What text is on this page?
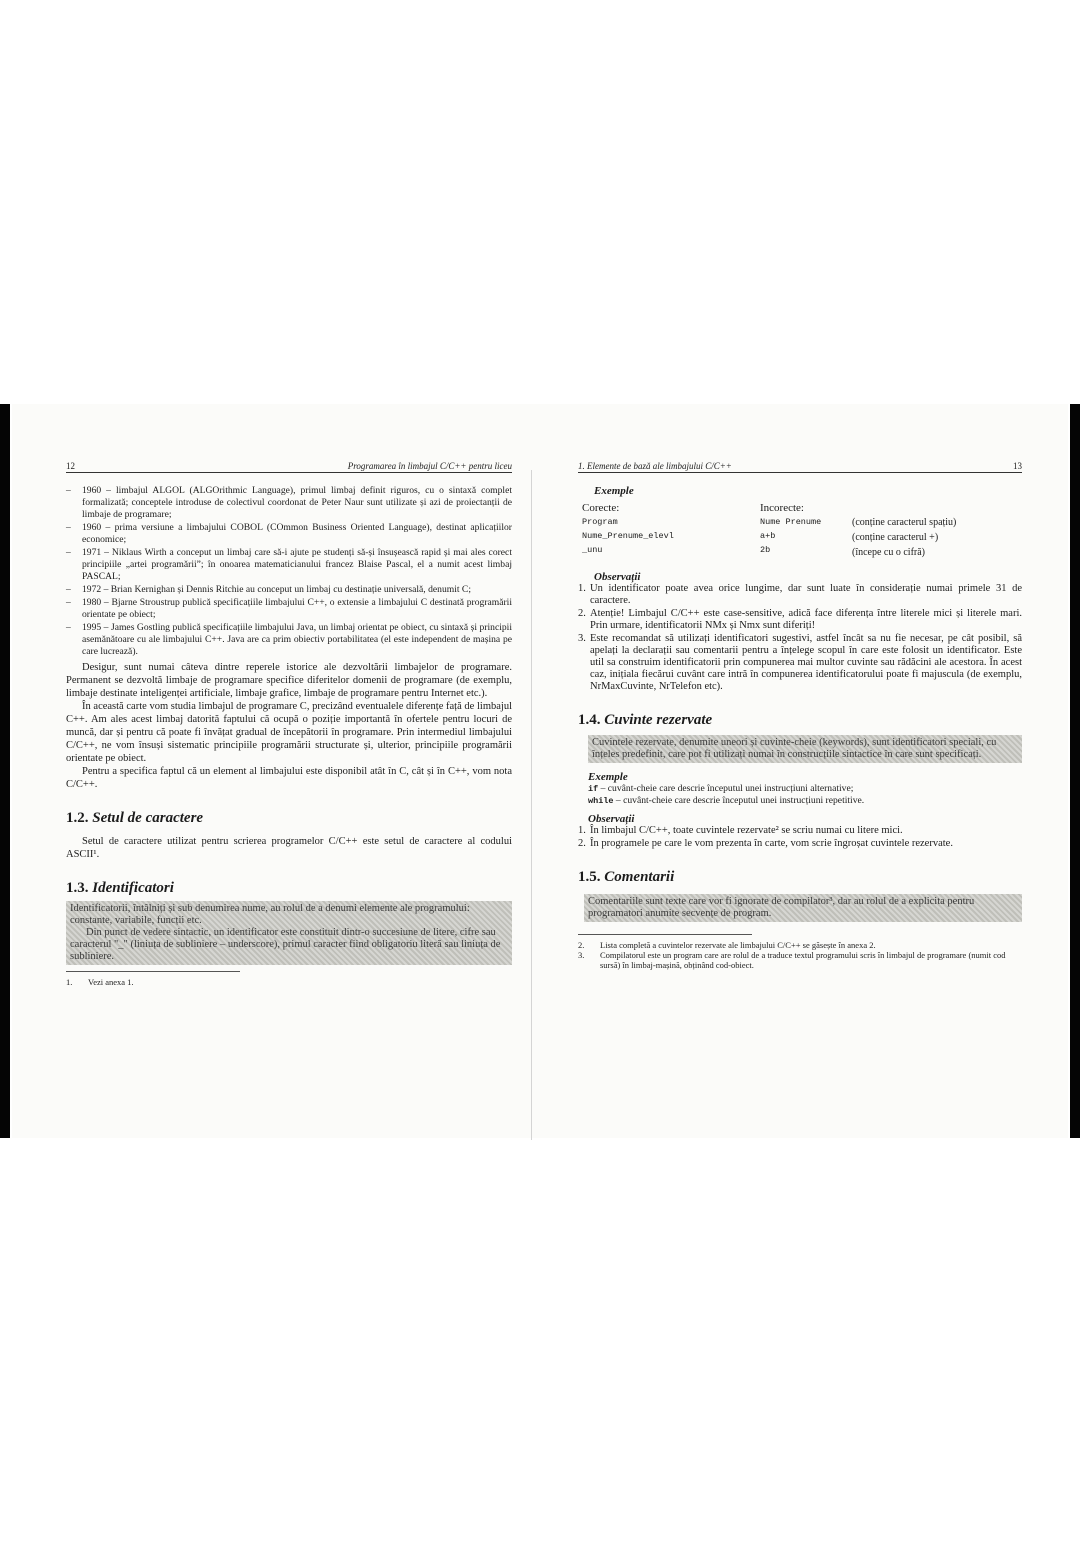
12	Programarea în limbajul C/C++ pentru liceu
– 1960 – limbajul ALGOL (ALGOrithmic Language), primul limbaj definit riguros, cu o sintaxă complet formalizată; conceptele introduse de colectivul coordonat de Peter Naur sunt utilizate și azi de proiectanții de limbaje de programare;
– 1960 – prima versiune a limbajului COBOL (COmmon Business Oriented Language), destinat aplicațiilor economice;
– 1971 – Niklaus Wirth a conceput un limbaj care să-i ajute pe studenți să-și însușească rapid și mai ales corect principiile „artei programării”; în onoarea matematicianului francez Blaise Pascal, el a numit acest limbaj PASCAL;
– 1972 – Brian Kernighan și Dennis Ritchie au conceput un limbaj cu destinație universală, denumit C;
– 1980 – Bjarne Stroustrup publică specificațiile limbajului C++, o extensie a limbajului C destinată programării orientate pe obiect;
– 1995 – James Gostling publică specificațiile limbajului Java, un limbaj orientat pe obiect, cu sintaxă și principii asemănătoare cu ale limbajului C++. Java are ca prim obiectiv portabilitatea (el este independent de mașina pe care lucrează).

Desigur, sunt numai câteva dintre reperele istorice ale dezvoltării limbajelor de programare. Permanent se dezvoltă limbaje de programare specifice diferitelor domenii de programare (de exemplu, limbaje destinate inteligenței artificiale, limbaje grafice, limbaje de programare pentru Internet etc.).

În această carte vom studia limbajul de programare C, precizând eventualele diferențe față de limbajul C++. Am ales acest limbaj datorită faptului că ocupă o poziție importantă în ofertele pentru locuri de muncă, dar și pentru că poate fi învățat gradual de începătorii în programare. Prin intermediul limbajului C/C++, ne vom însuși sistematic principiile programării structurate și, ulterior, principiile programării orientate pe obiect.

Pentru a specifica faptul că un element al limbajului este disponibil atât în C, cât și în C++, vom nota C/C++.

1.2. Setul de caractere

Setul de caractere utilizat pentru scrierea programelor C/C++ este setul de caractere al codului ASCII¹.

1.3. Identificatori

Identificatorii, întâlniți și sub denumirea nume, au rolul de a denumi elemente ale programului: constante, variabile, funcții etc.

Din punct de vedere sintactic, un identificator este constituit dintr-o succesiune de litere, cifre sau caracterul "_" (liniuța de subliniere – underscore), primul caracter fiind obligatoriu literă sau liniuța de subliniere.

1. Vezi anexa 1.
1. Elemente de bază ale limbajului C/C++	13

Exemple

Corecte:
Program
Nume_Prenume_elevl
_unu
Incorecte:
Nume Prenume
a+b
2b
(conține caracterul spațiu)
(conține caracterul +)
(începe cu o cifră)

Observații

1. Un identificator poate avea orice lungime, dar sunt luate în considerație numai primele 31 de caractere.
2. Atenție! Limbajul C/C++ este case-sensitive, adică face diferența între literele mici și literele mari. Prin urmare, identificatorii NMx și Nmx sunt diferiți!
3. Este recomandat să utilizați identificatori sugestivi, astfel încât sa nu fie necesar, pe cât posibil, să apelați la declarații sau comentarii pentru a înțelege scopul în care este folosit un identificator. Este util sa construim identificatorii prin compunerea mai multor cuvinte sau rădăcini ale acestora. În acest caz, inițiala fiecărui cuvânt care intră în compunerea identificatorului poate fi majuscula (de exemplu, NrMaxCuvinte, NrTelefon etc).
1.4. Cuvinte rezervate

Cuvintele rezervate, denumite uneori și cuvinte-cheie (keywords), sunt identificatori speciali, cu înțeles predefinit, care pot fi utilizați numai în construcțiile sintactice în care sunt specificați.

Exemple

if – cuvânt-cheie care descrie începutul unei instrucțiuni alternative;
while – cuvânt-cheie care descrie începutul unei instrucțiuni repetitive.

Observații

1. În limbajul C/C++, toate cuvintele rezervate² se scriu numai cu litere mici.
2. În programele pe care le vom prezenta în carte, vom scrie îngroșat cuvintele rezervate.
1.5. Comentarii

Comentariile sunt texte care vor fi ignorate de compilator³, dar au rolul de a explicita pentru programatori anumite secvențe de program.

2. Lista completă a cuvintelor rezervate ale limbajului C/C++ se găsește în anexa 2.
3. Compilatorul este un program care are rolul de a traduce textul programului scris în limbajul de programare (numit cod sursă) în limbaj-mașină, obținând cod-obiect.
